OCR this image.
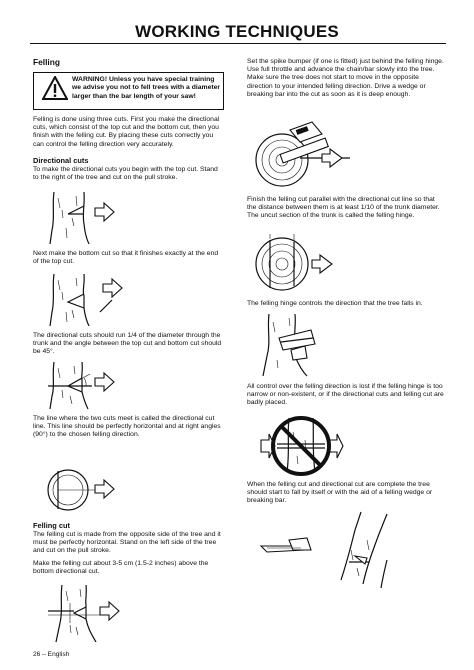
WORKING TECHNIQUES
Felling
WARNING! Unless you have special training we advise you not to fell trees with a diameter larger than the bar length of your saw!
Felling is done using three cuts. First you make the directional cuts, which consist of the top cut and the bottom cut, then you finish with the felling cut. By placing these cuts correctly you can control the felling direction very accurately.
Directional cuts
To make the directional cuts you begin with the top cut. Stand to the right of the tree and cut on the pull stroke.
Next make the bottom cut so that it finishes exactly at the end of the top cut.
The directional cuts should run 1/4 of the diameter through the trunk and the angle between the top cut and bottom cut should be 45°.
The line where the two cuts meet is called the directional cut line. This line should be perfectly horizontal and at right angles (90°) to the chosen felling direction.
Felling cut
The felling cut is made from the opposite side of the tree and it must be perfectly horizontal. Stand on the left side of the tree and cut on the pull stroke.
Make the felling cut about 3-5 cm (1.5-2 inches) above the bottom directional cut.
Set the spike bumper (if one is fitted) just behind the felling hinge. Use full throttle and advance the chain/bar slowly into the tree. Make sure the tree does not start to move in the opposite direction to your intended felling direction. Drive a wedge or breaking bar into the cut as soon as it is deep enough.
Finish the felling cut parallel with the directional cut line so that the distance between them is at least 1/10 of the trunk diameter. The uncut section of the trunk is called the felling hinge.
The felling hinge controls the direction that the tree falls in.
All control over the felling direction is lost if the felling hinge is too narrow or non-existent, or if the directional cuts and felling cut are badly placed.
When the felling cut and directional cut are complete the tree should start to fall by itself or with the aid of a felling wedge or breaking bar.
26 – English
